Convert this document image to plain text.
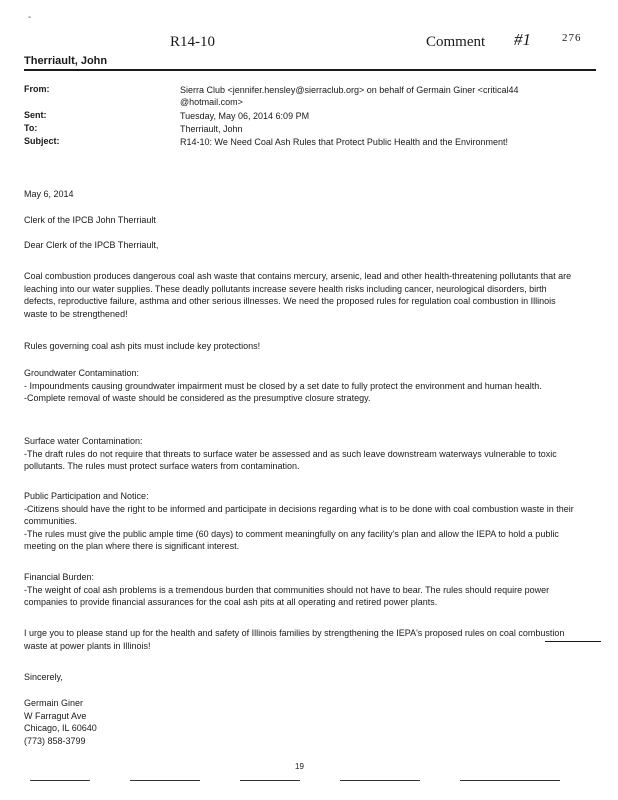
-
R14-10	Comment #1	276
Therriault, John
From:	Sierra Club <jennifer.hensley@sierraclub.org> on behalf of Germain Giner <critical44 @hotmail.com>
Sent:	Tuesday, May 06, 2014 6:09 PM
To:	Therriault, John
Subject:	R14-10: We Need Coal Ash Rules that Protect Public Health and the Environment!
May 6, 2014
Clerk of the IPCB John Therriault
Dear Clerk of the IPCB Therriault,
Coal combustion produces dangerous coal ash waste that contains mercury, arsenic, lead and other health-threatening pollutants that are leaching into our water supplies. These deadly pollutants increase severe health risks including cancer, neurological disorders, birth defects, reproductive failure, asthma and other serious illnesses. We need the proposed rules for regulation coal combustion in Illinois waste to be strengthened!
Rules governing coal ash pits must include key protections!

Groundwater Contamination:

- Impoundments causing groundwater impairment must be closed by a set date to fully protect the environment and human health.

-Complete removal of waste should be considered as the presumptive closure strategy.

Surface water Contamination:

-The draft rules do not require that threats to surface water be assessed and as such leave downstream waterways vulnerable to toxic pollutants. The rules must protect surface waters from contamination.

Public Participation and Notice:

-Citizens should have the right to be informed and participate in decisions regarding what is to be done with coal combustion waste in their communities.

-The rules must give the public ample time (60 days) to comment meaningfully on any facility's plan and allow the IEPA to hold a public meeting on the plan where there is significant interest.

Financial Burden:

-The weight of coal ash problems is a tremendous burden that communities should not have to bear. The rules should require power companies to provide financial assurances for the coal ash pits at all operating and retired power plants.

I urge you to please stand up for the health and safety of Illinois families by strengthening the IEPA's proposed rules on coal combustion waste at power plants in Illinois!
Sincerely,

Germain Giner

W Farragut Ave

Chicago, IL 60640

(773) 858-3799

19
